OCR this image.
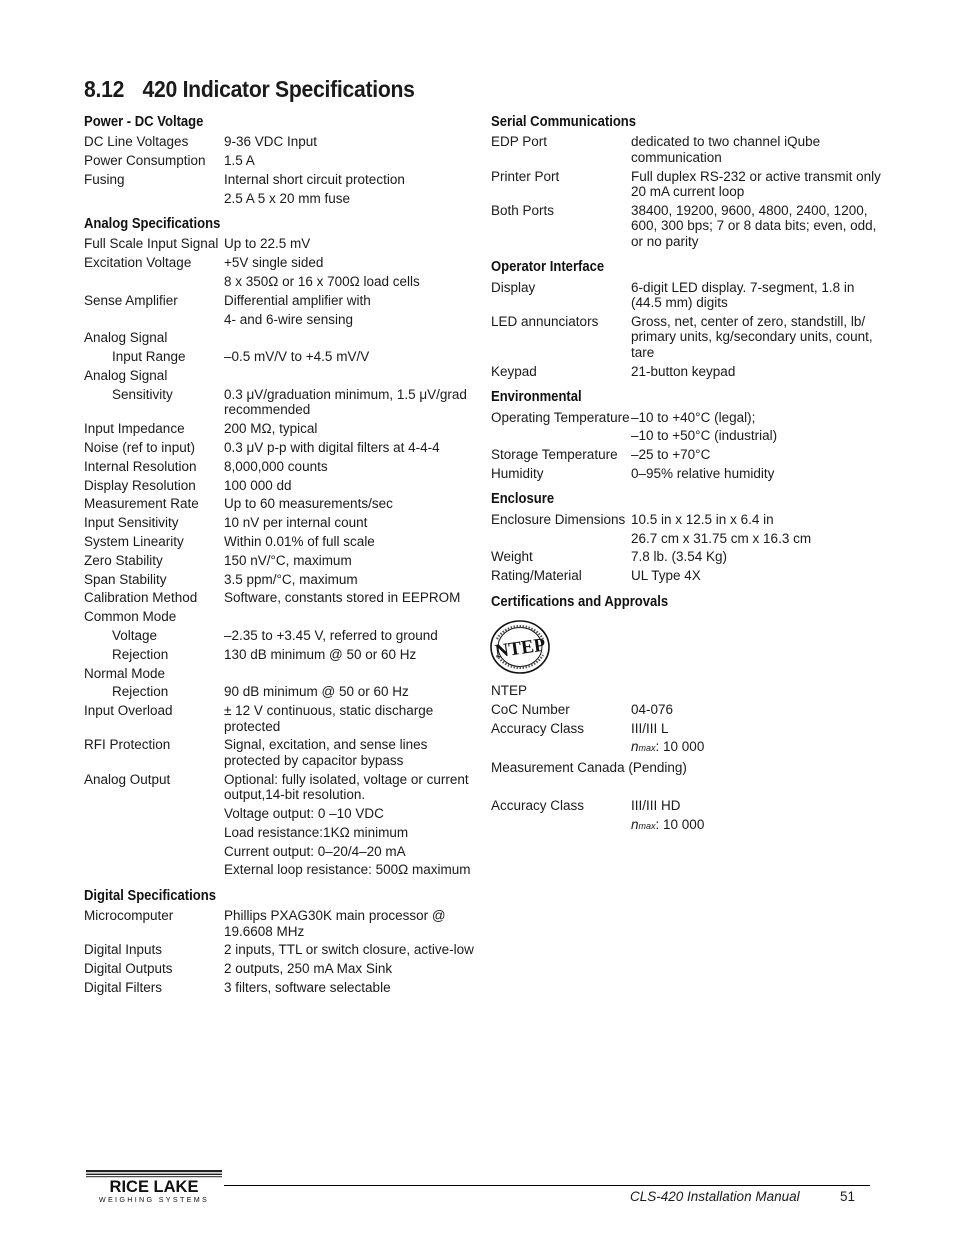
8.12 420 Indicator Specifications
Power - DC Voltage
DC Line Voltages	9-36 VDC Input
Power Consumption	1.5 A
Fusing	Internal short circuit protection
2.5 A 5 x 20 mm fuse
Analog Specifications
Full Scale Input Signal Up to 22.5 mV
Excitation Voltage	+5V single sided
8 x 350Ω or 16 x 700Ω load cells
Sense Amplifier	Differential amplifier with
4- and 6-wire sensing
Analog Signal
Input Range	–0.5 mV/V to +4.5 mV/V
Analog Signal
Sensitivity	0.3 μV/graduation minimum, 1.5 μV/grad recommended
Input Impedance	200 MΩ, typical
Noise (ref to input)	0.3 μV p-p with digital filters at 4-4-4
Internal Resolution	8,000,000 counts
Display Resolution	100 000 dd
Measurement Rate	Up to 60 measurements/sec
Input Sensitivity	10 nV per internal count
System Linearity	Within 0.01% of full scale
Zero Stability	150 nV/°C, maximum
Span Stability	3.5 ppm/°C, maximum
Calibration Method	Software, constants stored in EEPROM
Common Mode
Voltage	–2.35 to +3.45 V, referred to ground
Rejection	130 dB minimum @ 50 or 60 Hz
Normal Mode
Rejection	90 dB minimum @ 50 or 60 Hz
Input Overload	± 12 V continuous, static discharge protected
RFI Protection	Signal, excitation, and sense lines protected by capacitor bypass
Analog Output	Optional: fully isolated, voltage or current output,14-bit resolution.
Voltage output: 0 –10 VDC
Load resistance:1KΩ minimum
Current output: 0–20/4–20 mA
External loop resistance: 500Ω maximum
Digital Specifications
Microcomputer	Phillips PXAG30K main processor @ 19.6608 MHz
Digital Inputs	2 inputs, TTL or switch closure, active-low
Digital Outputs	2 outputs, 250 mA Max Sink
Digital Filters	3 filters, software selectable
Serial Communications
EDP Port	dedicated to two channel iQube communication
Printer Port	Full duplex RS-232 or active transmit only 20 mA current loop
Both Ports	38400, 19200, 9600, 4800, 2400, 1200, 600, 300 bps; 7 or 8 data bits; even, odd, or no parity
Operator Interface
Display	6-digit LED display. 7-segment, 1.8 in (44.5 mm) digits
LED annunciators	Gross, net, center of zero, standstill, lb/ primary units, kg/secondary units, count, tare
Keypad	21-button keypad
Environmental
Operating Temperature –10 to +40°C (legal);
–10 to +50°C (industrial)
Storage Temperature –25 to +70°C
Humidity	0–95% relative humidity
Enclosure
Enclosure Dimensions 10.5 in x 12.5 in x 6.4 in
26.7 cm x 31.75 cm x 16.3 cm
Weight	7.8 lb. (3.54 Kg)
Rating/Material	UL Type 4X
Certifications and Approvals
NTEP
NTEP
CoC Number	04-076
Accuracy Class	III/III L
nmax: 10 000
Measurement Canada (Pending)
Accuracy Class	III/III HD
nmax: 10 000
RICE LAKE
WEIGHING SYSTEMS	CLS-420 Installation Manual	51
